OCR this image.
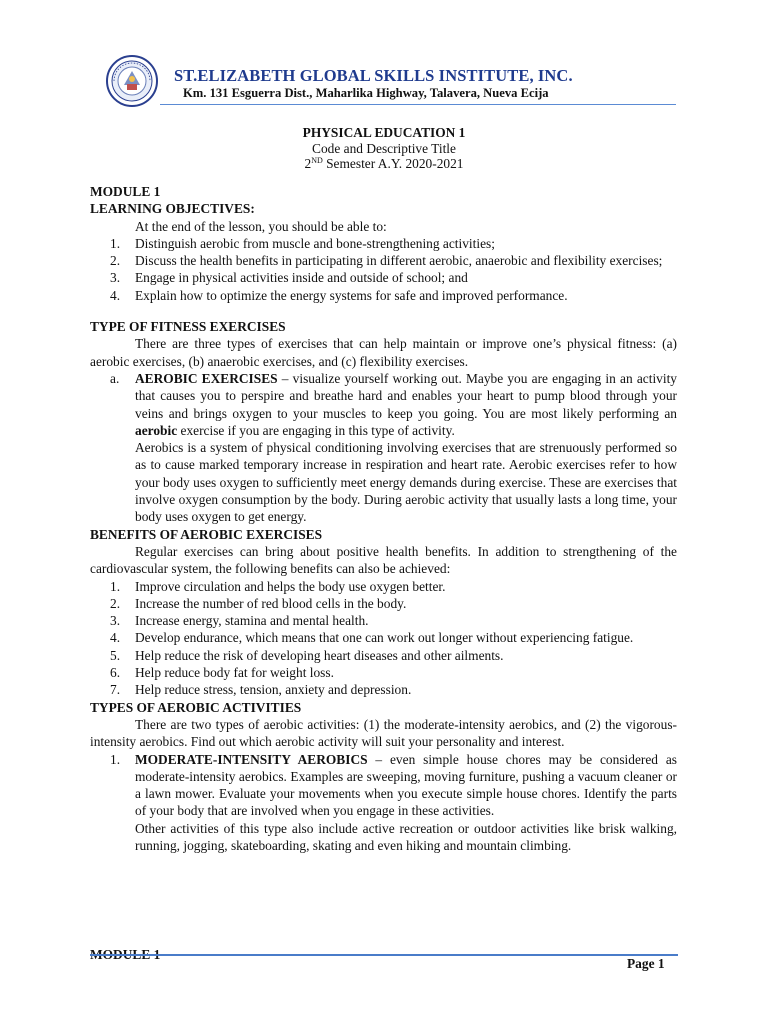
ST.ELIZABETH GLOBAL SKILLS INSTITUTE, INC.
Km. 131 Esguerra Dist., Maharlika Highway, Talavera, Nueva Ecija
PHYSICAL EDUCATION 1
Code and Descriptive Title
2ND Semester A.Y. 2020-2021

MODULE 1

LEARNING OBJECTIVES:

At the end of the lesson, you should be able to:

1.	Distinguish aerobic from muscle and bone-strengthening activities;
2.	Discuss the health benefits in participating in different aerobic, anaerobic and flexibility exercises;
3.	Engage in physical activities inside and outside of school; and
4.	Explain how to optimize the energy systems for safe and improved performance.

TYPE OF FITNESS EXERCISES

There are three types of exercises that can help maintain or improve one’s physical fitness: (a) aerobic exercises, (b) anaerobic exercises, and (c) flexibility exercises.

a.	AEROBIC EXERCISES – visualize yourself working out. Maybe you are engaging in an activity that causes you to perspire and breathe hard and enables your heart to pump blood through your veins and brings oxygen to your muscles to keep you going. You are most likely performing an aerobic exercise if you are engaging in this type of activity.

Aerobics is a system of physical conditioning involving exercises that are strenuously performed so as to cause marked temporary increase in respiration and heart rate. Aerobic exercises refer to how your body uses oxygen to sufficiently meet energy demands during exercise. These are exercises that involve oxygen consumption by the body. During aerobic activity that usually lasts a long time, your body uses oxygen to get energy.

BENEFITS OF AEROBIC EXERCISES

Regular exercises can bring about positive health benefits. In addition to strengthening of the cardiovascular system, the following benefits can also be achieved:

1.	Improve circulation and helps the body use oxygen better.
2.	Increase the number of red blood cells in the body.
3.	Increase energy, stamina and mental health.
4.	Develop endurance, which means that one can work out longer without experiencing fatigue.
5.	Help reduce the risk of developing heart diseases and other ailments.
6.	Help reduce body fat for weight loss.
7.	Help reduce stress, tension, anxiety and depression.

TYPES OF AEROBIC ACTIVITIES

There are two types of aerobic activities: (1) the moderate-intensity aerobics, and (2) the vigorous-intensity aerobics. Find out which aerobic activity will suit your personality and interest.

1.	MODERATE-INTENSITY AEROBICS – even simple house chores may be considered as moderate-intensity aerobics. Examples are sweeping, moving furniture, pushing a vacuum cleaner or a lawn mower. Evaluate your movements when you execute simple house chores. Identify the parts of your body that are involved when you engage in these activities.

Other activities of this type also include active recreation or outdoor activities like brisk walking, running, jogging, skateboarding, skating and even hiking and mountain climbing.

MODULE 1
Page 1
